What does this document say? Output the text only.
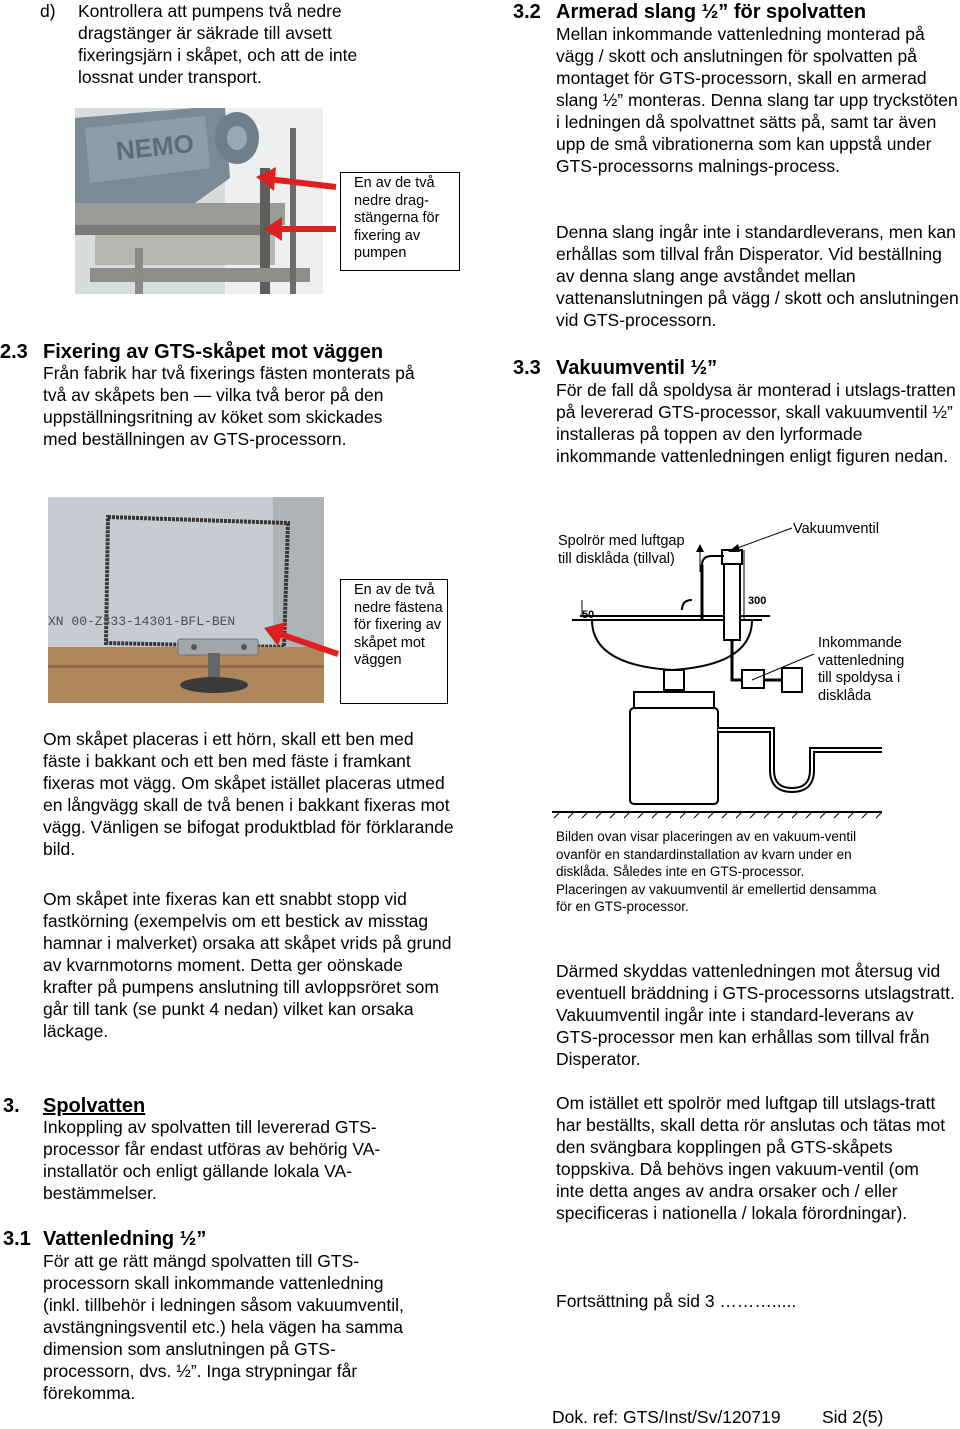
d) Kontrollera att pumpens två nedre dragstänger är säkrade till avsett fixeringsjärn i skåpet, och att de inte lossnat under transport.
NEMO
En av de två nedre drag-stängerna för fixering av pumpen
2.3 Fixering av GTS-skåpet mot väggen
Från fabrik har två fixerings fästen monterats på två av skåpets ben — vilka två beror på den uppställningsritning av köket som skickades med beställningen av GTS-processorn.
XN 00-Z333-14301-BFL-BEN
En av de två nedre fästena för fixering av skåpet mot väggen
Om skåpet placeras i ett hörn, skall ett ben med fäste i bakkant och ett ben med fäste i framkant fixeras mot vägg. Om skåpet istället placeras utmed en långvägg skall de två benen i bakkant fixeras mot vägg. Vänligen se bifogat produktblad för förklarande bild.
Om skåpet inte fixeras kan ett snabbt stopp vid fastkörning (exempelvis om ett bestick av misstag hamnar i malverket) orsaka att skåpet vrids på grund av kvarnmotorns moment. Detta ger oönskade krafter på pumpens anslutning till avloppsröret som går till tank (se punkt 4 nedan) vilket kan orsaka läckage.
3. Spolvatten
Inkoppling av spolvatten till levererad GTS-processor får endast utföras av behörig VA-installatör och enligt gällande lokala VA-bestämmelser.
3.1 Vattenledning ½”
För att ge rätt mängd spolvatten till GTS-processorn skall inkommande vattenledning (inkl. tillbehör i ledningen såsom vakuumventil, avstängningsventil etc.) hela vägen ha samma dimension som anslutningen på GTS-processorn, dvs. ½”. Inga strypningar får förekomma.
3.2 Armerad slang ½” för spolvatten
Mellan inkommande vattenledning monterad på vägg / skott och anslutningen för spolvatten på montaget för GTS-processorn, skall en armerad slang ½” monteras. Denna slang tar upp tryckstöten i ledningen då spolvattnet sätts på, samt tar även upp de små vibrationerna som kan uppstå under GTS-processorns malnings-process.
Denna slang ingår inte i standardleverans, men kan erhållas som tillval från Disperator. Vid beställning av denna slang ange avståndet mellan vattenanslutningen på vägg / skott och anslutningen vid GTS-processorn.
3.3 Vakuumventil ½”
För de fall då spoldysa är monterad i utslags-tratten på levererad GTS-processor, skall vakuumventil ½” installeras på toppen av den lyrformade inkommande vattenledningen enligt figuren nedan.
50
300
Spolrör med luftgap till disklåda (tillval)
Vakuumventil
Inkommande vattenledning till spoldysa i disklåda
Bilden ovan visar placeringen av en vakuum-ventil ovanför en standardinstallation av kvarn under en disklåda. Således inte en GTS-processor. Placeringen av vakuumventil är emellertid densamma för en GTS-processor.
Därmed skyddas vattenledningen mot återsug vid eventuell bräddning i GTS-processorns utslagstratt. Vakuumventil ingår inte i standard-leverans av GTS-processor men kan erhållas som tillval från Disperator.
Om istället ett spolrör med luftgap till utslags-tratt har beställts, skall detta rör anslutas och tätas mot den svängbara kopplingen på GTS-skåpets toppskiva. Då behövs ingen vakuum-ventil (om inte detta anges av andra orsaker och / eller specificeras i nationella / lokala förordningar).
Fortsättning på sid 3 ……….....
Dok. ref: GTS/Inst/Sv/120719 Sid 2(5)
